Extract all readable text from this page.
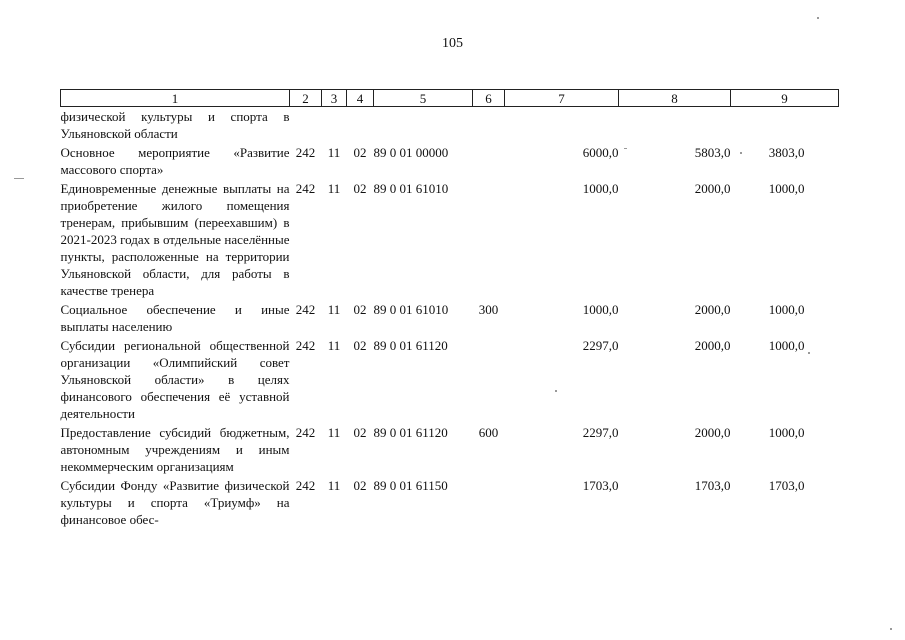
105
1	2	3	4	5	6	7	8	9
физической культуры и спорта в Ульяновской области								
Основное мероприятие «Развитие массового спорта»	242	11	02	89 0 01 00000		6000,0	5803,0	3803,0
Единовременные денежные выплаты на приобретение жилого помещения тренерам, прибывшим (переехавшим) в 2021-2023 годах в отдельные населённые пункты, расположенные на территории Ульяновской области, для работы в качестве тренера	242	11	02	89 0 01 61010		1000,0	2000,0	1000,0
Социальное обеспечение и иные выплаты населению	242	11	02	89 0 01 61010	300	1000,0	2000,0	1000,0
Субсидии региональной общественной организации «Олимпийский совет Ульяновской области» в целях финансового обеспечения её уставной деятельности	242	11	02	89 0 01 61120		2297,0	2000,0	1000,0
Предоставление субсидий бюджетным, автономным учреждениям и иным некоммерческим организациям	242	11	02	89 0 01 61120	600	2297,0	2000,0	1000,0
Субсидии Фонду «Развитие физической культуры и спорта «Триумф» на финансовое обес-	242	11	02	89 0 01 61150		1703,0	1703,0	1703,0
